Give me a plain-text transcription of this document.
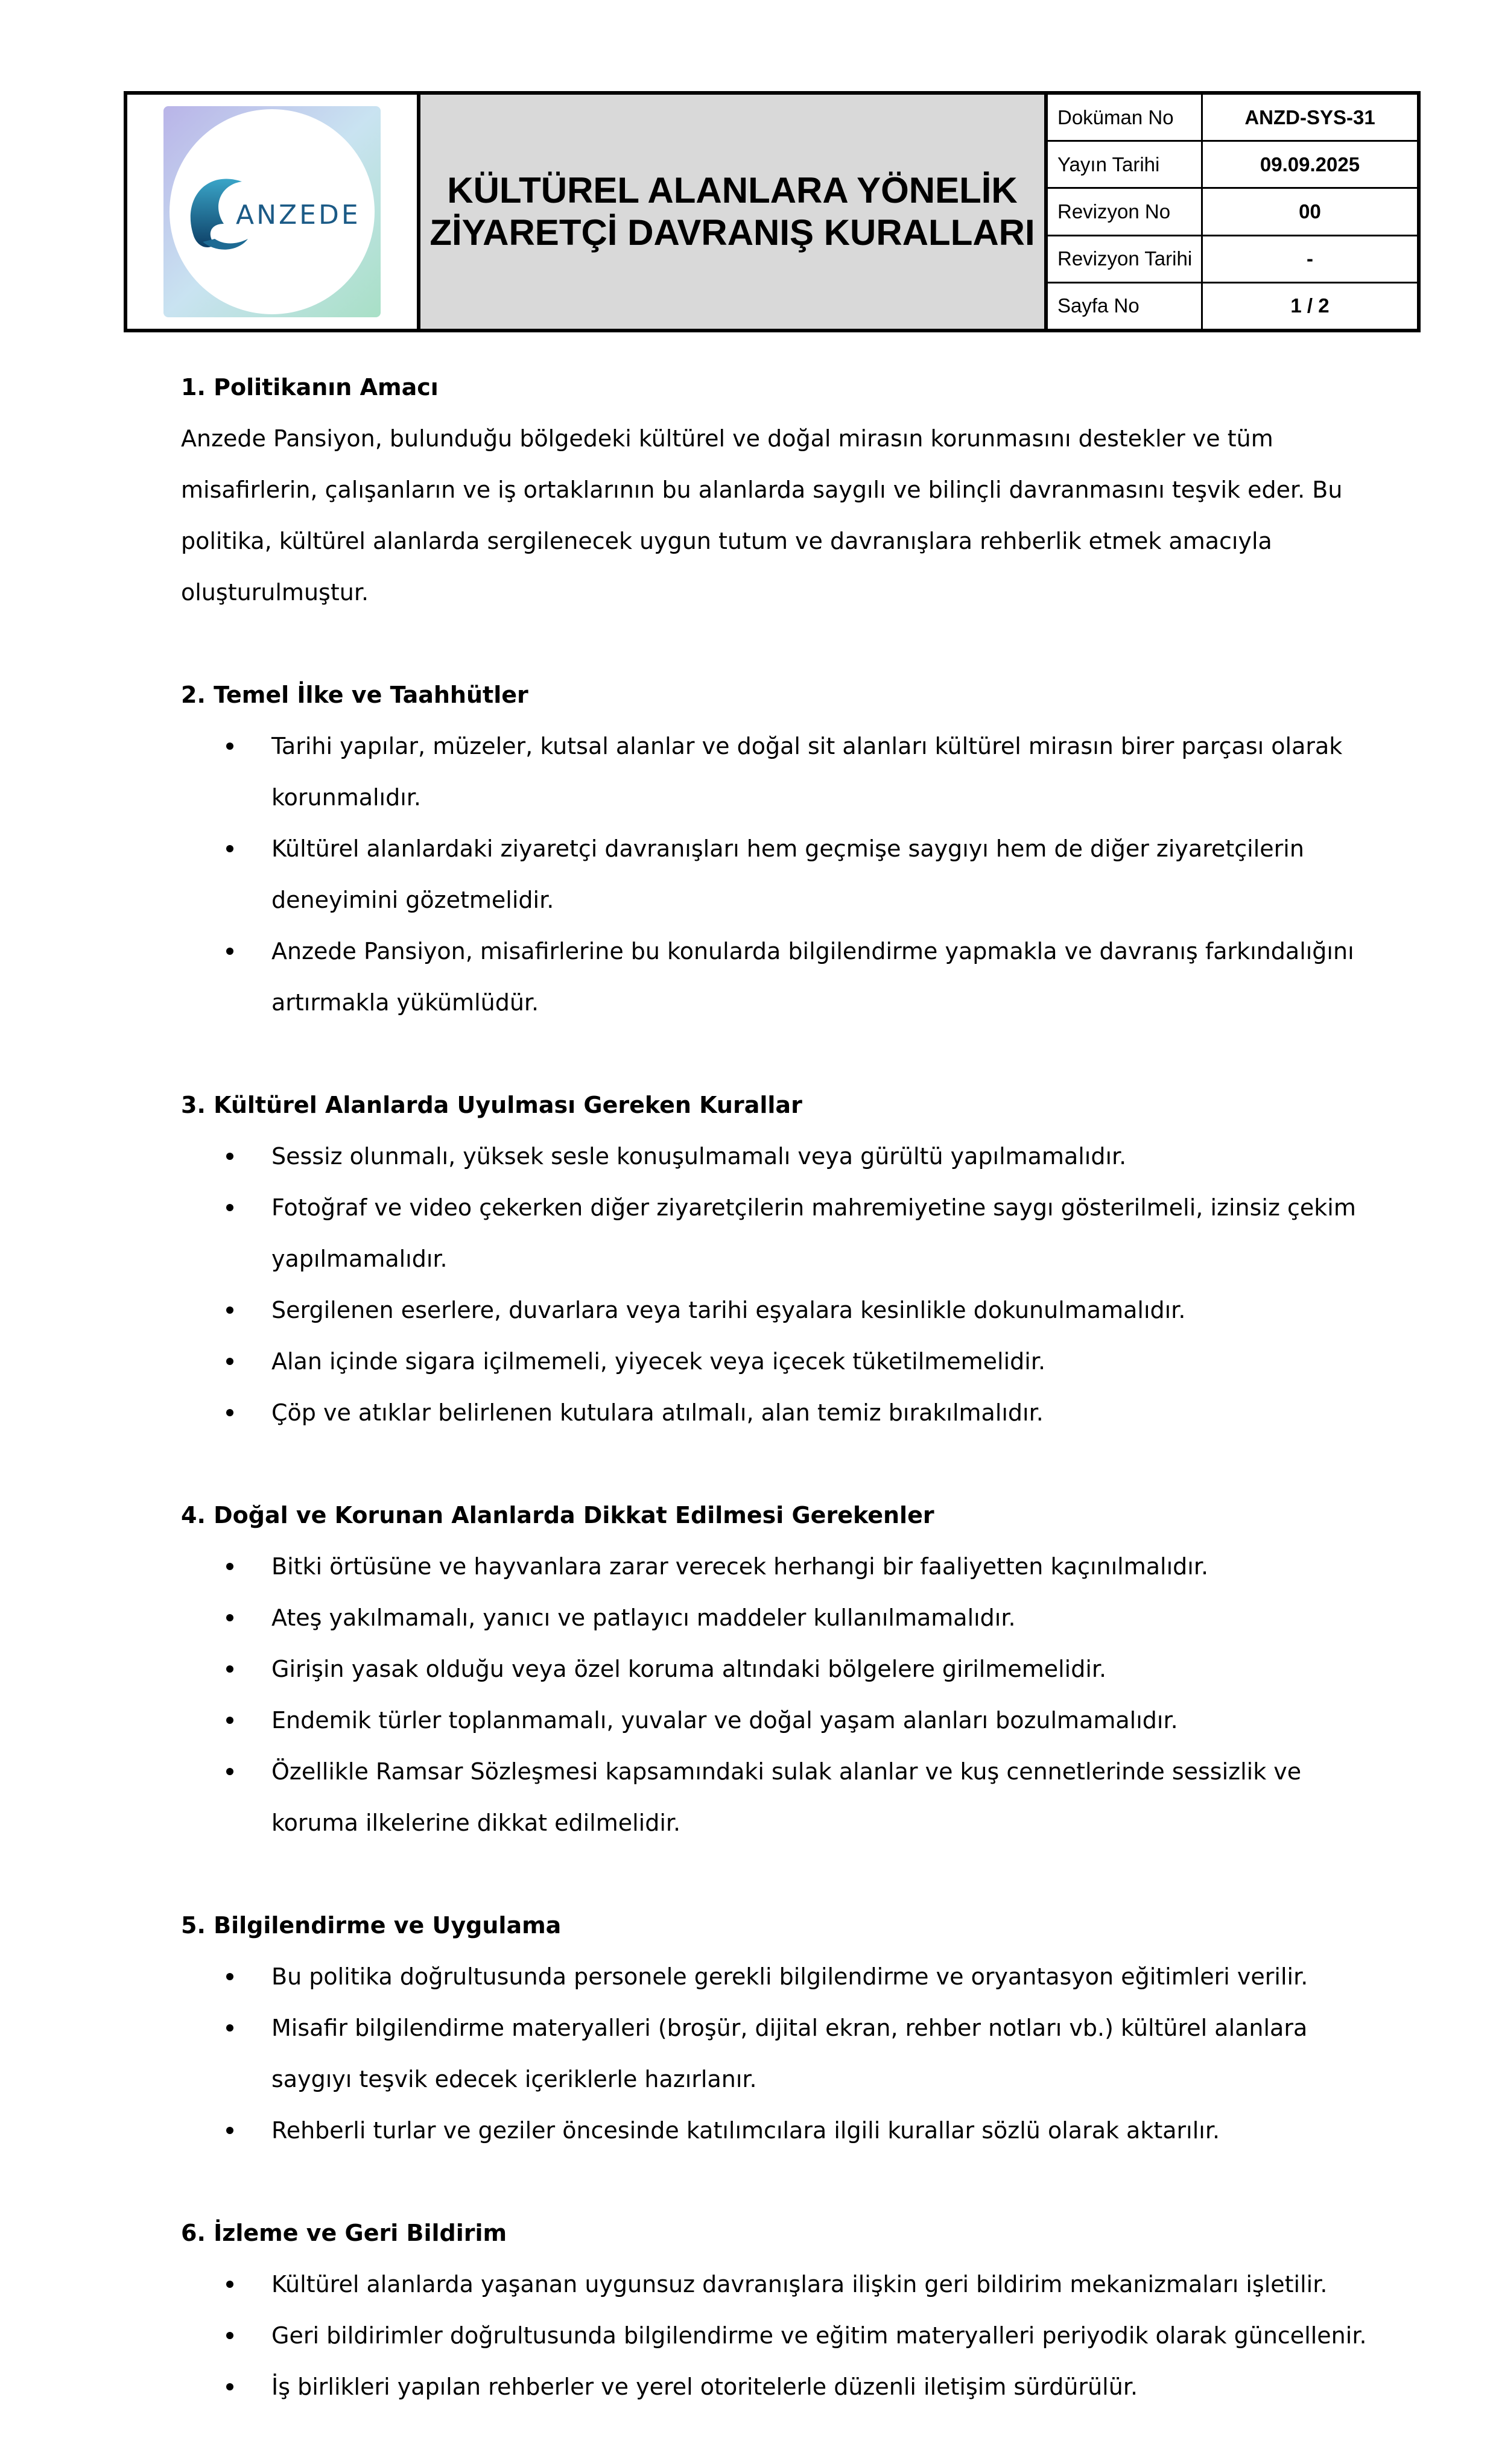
ANZEDE
KÜLTÜREL ALANLARA YÖNELİK
ZİYARETÇİ DAVRANIŞ KURALLARI
Doküman No	ANZD-SYS-31
Yayın Tarihi	09.09.2025
Revizyon No	00
Revizyon Tarihi	-
Sayfa No	1 / 2
1. Politikanın Amacı

Anzede Pansiyon, bulunduğu bölgedeki kültürel ve doğal mirasın korunmasını destekler ve tüm misafirlerin, çalışanların ve iş ortaklarının bu alanlarda saygılı ve bilinçli davranmasını teşvik eder. Bu politika, kültürel alanlarda sergilenecek uygun tutum ve davranışlara rehberlik etmek amacıyla oluşturulmuştur.

2. Temel İlke ve Taahhütler
Tarihi yapılar, müzeler, kutsal alanlar ve doğal sit alanları kültürel mirasın birer parçası olarak korunmalıdır.
Kültürel alanlardaki ziyaretçi davranışları hem geçmişe saygıyı hem de diğer ziyaretçilerin deneyimini gözetmelidir.
Anzede Pansiyon, misafirlerine bu konularda bilgilendirme yapmakla ve davranış farkındalığını artırmakla yükümlüdür.
3. Kültürel Alanlarda Uyulması Gereken Kurallar
Sessiz olunmalı, yüksek sesle konuşulmamalı veya gürültü yapılmamalıdır.
Fotoğraf ve video çekerken diğer ziyaretçilerin mahremiyetine saygı gösterilmeli, izinsiz çekim yapılmamalıdır.
Sergilenen eserlere, duvarlara veya tarihi eşyalara kesinlikle dokunulmamalıdır.
Alan içinde sigara içilmemeli, yiyecek veya içecek tüketilmemelidir.
Çöp ve atıklar belirlenen kutulara atılmalı, alan temiz bırakılmalıdır.
4. Doğal ve Korunan Alanlarda Dikkat Edilmesi Gerekenler
Bitki örtüsüne ve hayvanlara zarar verecek herhangi bir faaliyetten kaçınılmalıdır.
Ateş yakılmamalı, yanıcı ve patlayıcı maddeler kullanılmamalıdır.
Girişin yasak olduğu veya özel koruma altındaki bölgelere girilmemelidir.
Endemik türler toplanmamalı, yuvalar ve doğal yaşam alanları bozulmamalıdır.
Özellikle Ramsar Sözleşmesi kapsamındaki sulak alanlar ve kuş cennetlerinde sessizlik ve koruma ilkelerine dikkat edilmelidir.
5. Bilgilendirme ve Uygulama
Bu politika doğrultusunda personele gerekli bilgilendirme ve oryantasyon eğitimleri verilir.
Misafir bilgilendirme materyalleri (broşür, dijital ekran, rehber notları vb.) kültürel alanlara saygıyı teşvik edecek içeriklerle hazırlanır.
Rehberli turlar ve geziler öncesinde katılımcılara ilgili kurallar sözlü olarak aktarılır.
6. İzleme ve Geri Bildirim
Kültürel alanlarda yaşanan uygunsuz davranışlara ilişkin geri bildirim mekanizmaları işletilir.
Geri bildirimler doğrultusunda bilgilendirme ve eğitim materyalleri periyodik olarak güncellenir.
İş birlikleri yapılan rehberler ve yerel otoritelerle düzenli iletişim sürdürülür.
